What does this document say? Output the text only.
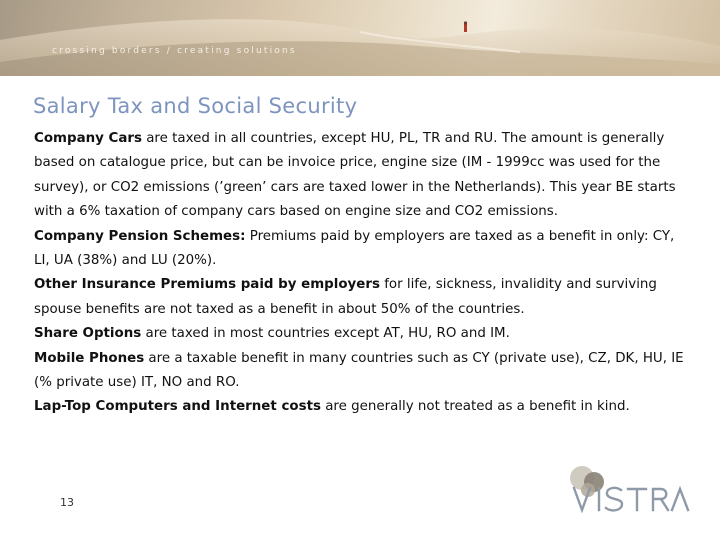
crossing borders / creating solutions
Salary Tax and Social Security

Company Cars are taxed in all countries, except HU, PL, TR and RU. The amount is generally based on catalogue price, but can be invoice price, engine size (IM - 1999cc was used for the survey), or CO2 emissions (’green’ cars are taxed lower in the Netherlands). This year BE starts with a 6% taxation of company cars based on engine size and CO2 emissions.

Company Pension Schemes: Premiums paid by employers are taxed as a benefit in only: CY, LI, UA (38%) and LU (20%).

Other Insurance Premiums paid by employers for life, sickness, invalidity and surviving spouse benefits are not taxed as a benefit in about 50% of the countries.

Share Options are taxed in most countries except AT, HU, RO and IM.

Mobile Phones are a taxable benefit in many countries such as CY (private use), CZ, DK, HU, IE (% private use) IT, NO and RO.

Lap-Top Computers and Internet costs are generally not treated as a benefit in kind.

13
